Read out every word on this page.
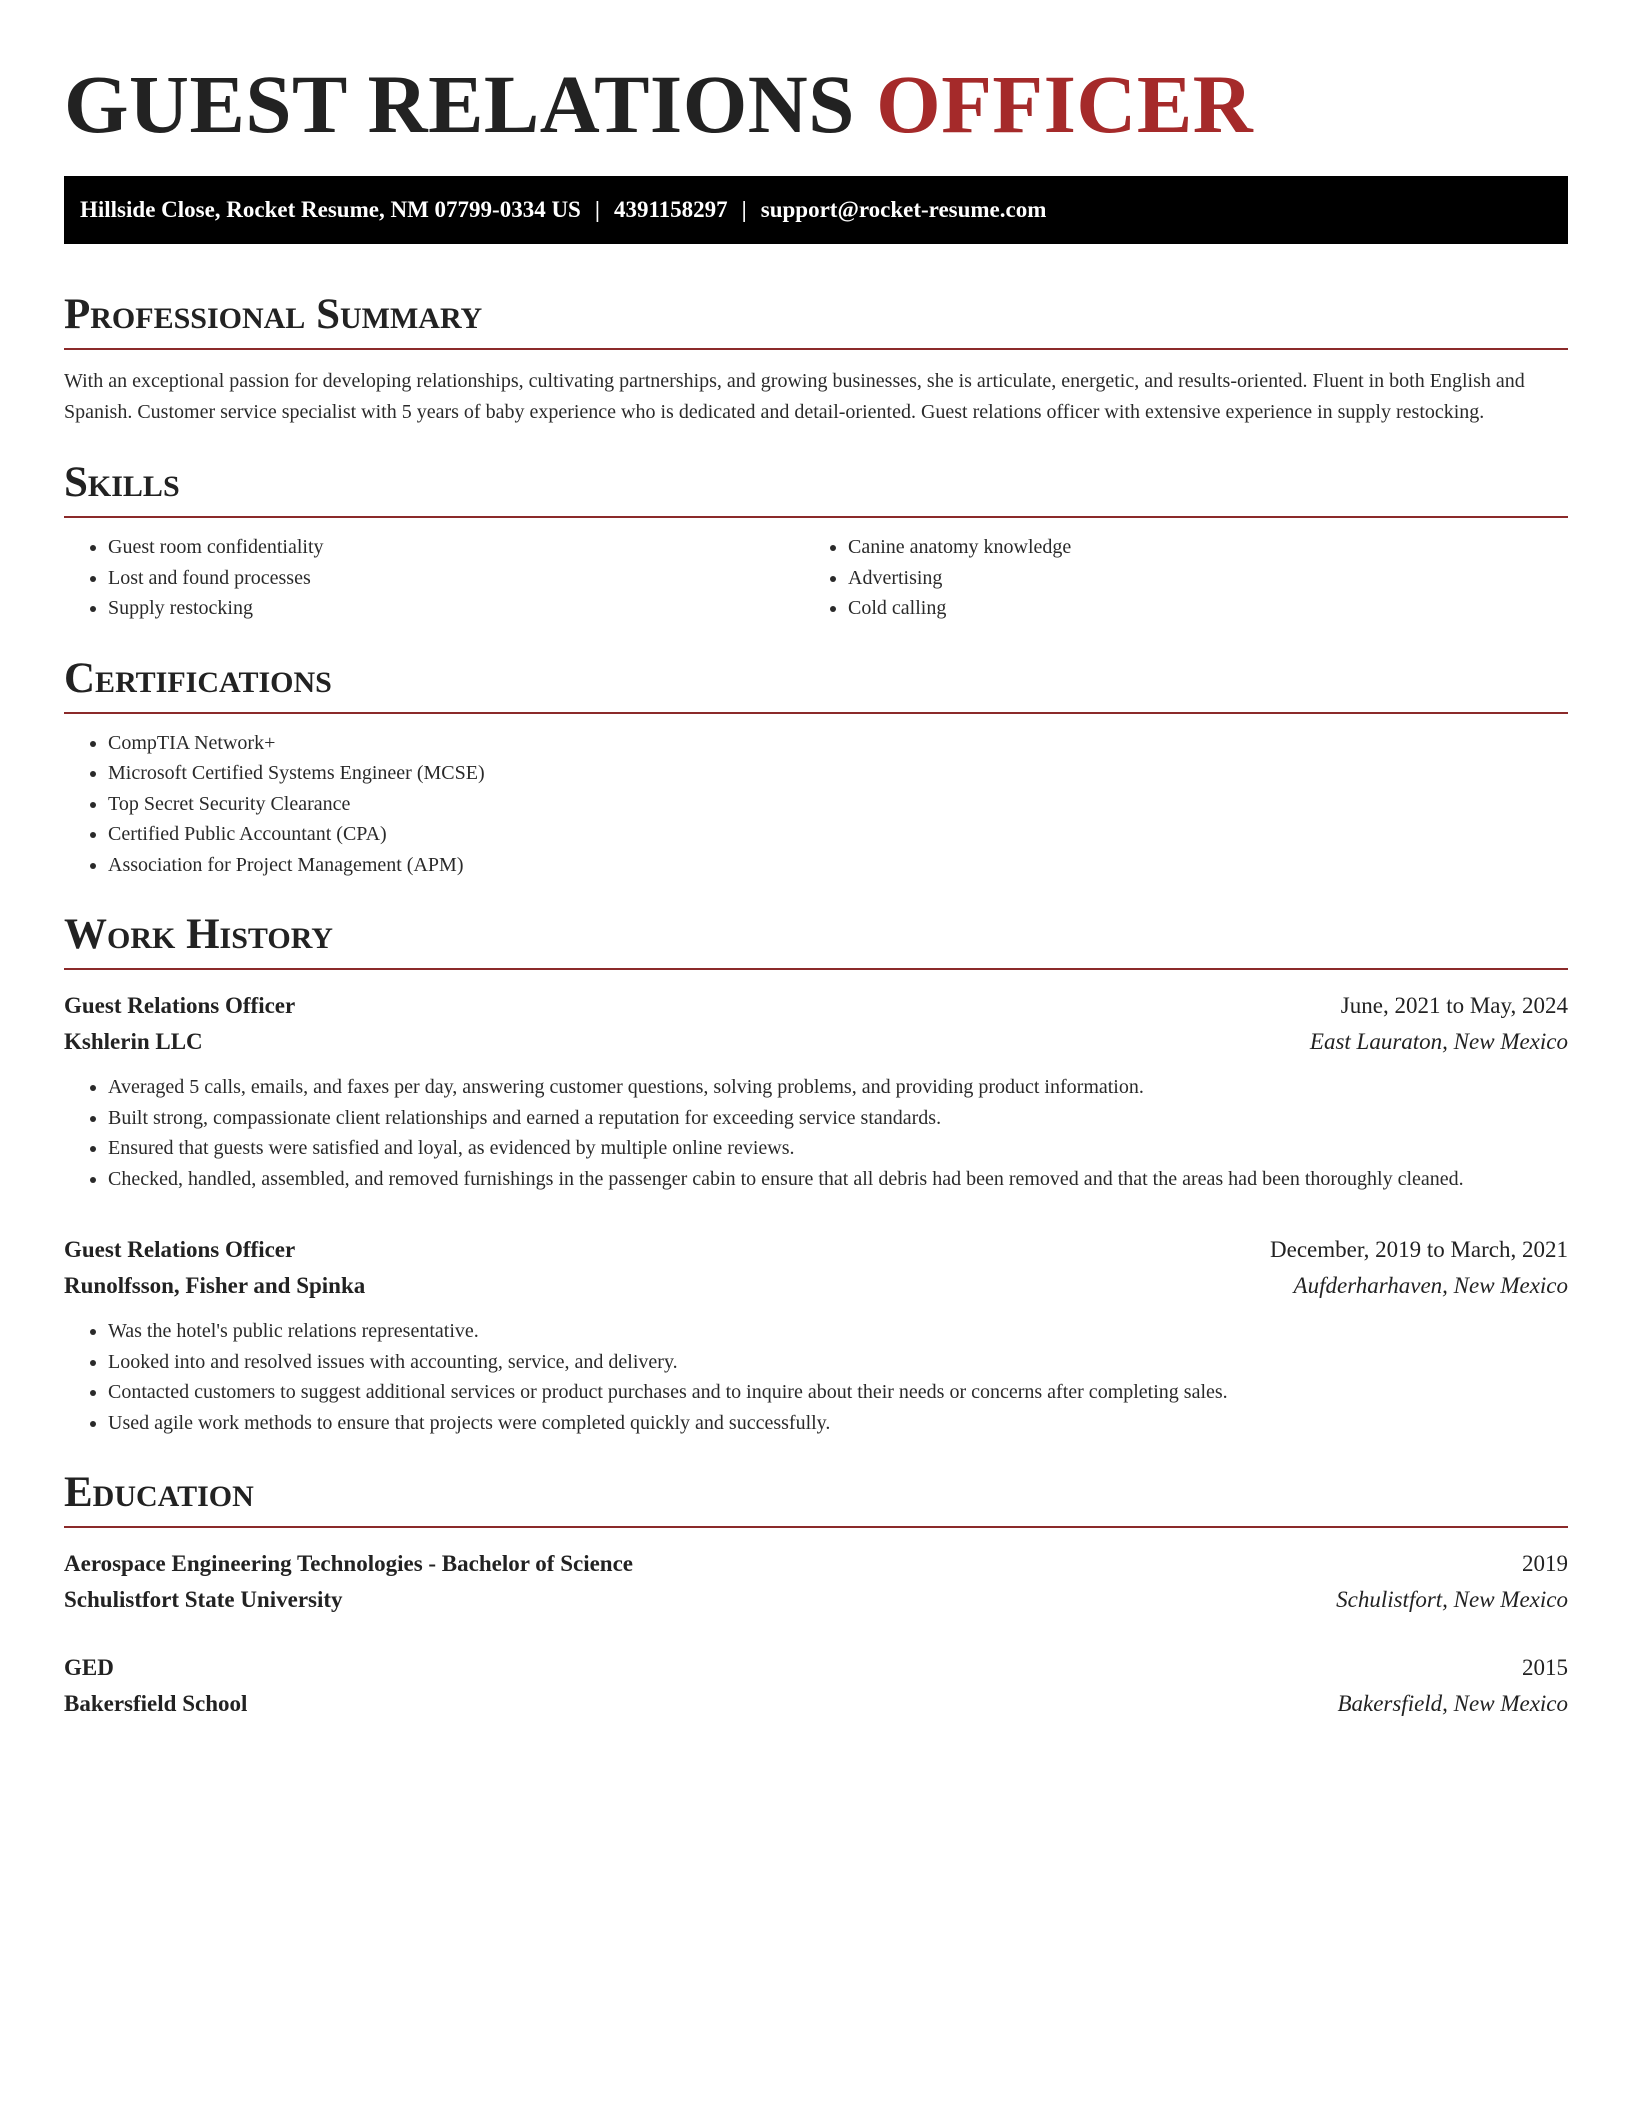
GUEST RELATIONS OFFICER
Hillside Close, Rocket Resume, NM 07799-0334 US | 4391158297 | support@rocket-resume.com
Professional Summary

With an exceptional passion for developing relationships, cultivating partnerships, and growing businesses, she is articulate, energetic, and results-oriented. Fluent in both English and Spanish. Customer service specialist with 5 years of baby experience who is dedicated and detail-oriented. Guest relations officer with extensive experience in supply restocking.

Skills
• Guest room confidentiality
• Lost and found processes
• Supply restocking
• Canine anatomy knowledge
• Advertising
• Cold calling
Certifications
• CompTIA Network+
• Microsoft Certified Systems Engineer (MCSE)
• Top Secret Security Clearance
• Certified Public Accountant (CPA)
• Association for Project Management (APM)
Work History
Guest Relations Officer	June, 2021 to May, 2024
Kshlerin LLC	East Lauraton, New Mexico
• Averaged 5 calls, emails, and faxes per day, answering customer questions, solving problems, and providing product information.
• Built strong, compassionate client relationships and earned a reputation for exceeding service standards.
• Ensured that guests were satisfied and loyal, as evidenced by multiple online reviews.
• Checked, handled, assembled, and removed furnishings in the passenger cabin to ensure that all debris had been removed and that the areas had been thoroughly cleaned.
Guest Relations Officer	December, 2019 to March, 2021
Runolfsson, Fisher and Spinka	Aufderharhaven, New Mexico
• Was the hotel's public relations representative.
• Looked into and resolved issues with accounting, service, and delivery.
• Contacted customers to suggest additional services or product purchases and to inquire about their needs or concerns after completing sales.
• Used agile work methods to ensure that projects were completed quickly and successfully.
Education
Aerospace Engineering Technologies - Bachelor of Science	2019
Schulistfort State University	Schulistfort, New Mexico
GED	2015
Bakersfield School	Bakersfield, New Mexico
